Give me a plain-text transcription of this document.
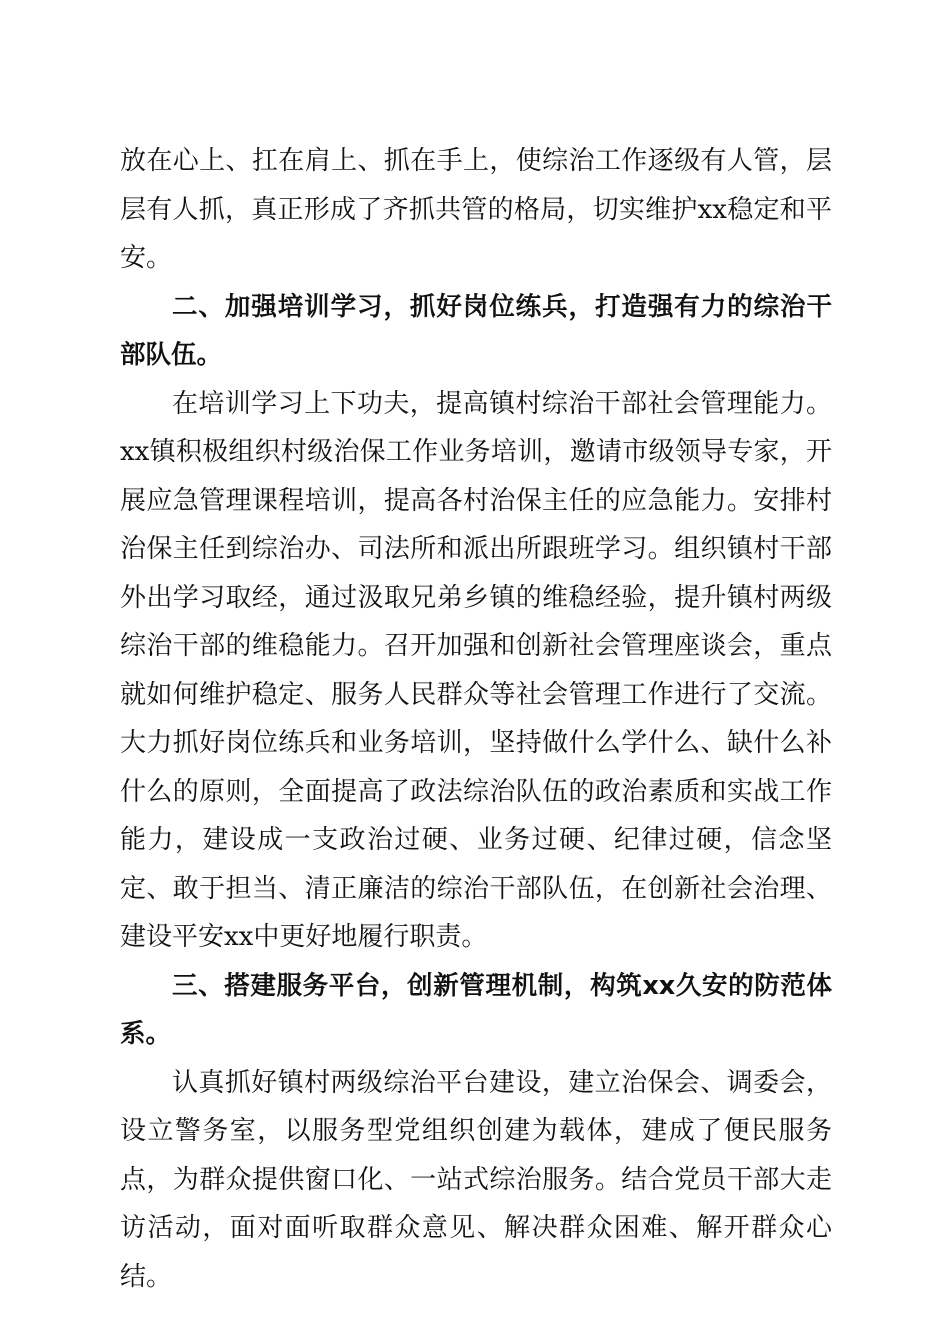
放在心上、扛在肩上、抓在手上，使综治工作逐级有人管，层层有人抓，真正形成了齐抓共管的格局，切实维护xx稳定和平安。

二、加强培训学习，抓好岗位练兵，打造强有力的综治干部队伍。

在培训学习上下功夫，提高镇村综治干部社会管理能力。xx镇积极组织村级治保工作业务培训，邀请市级领导专家，开展应急管理课程培训，提高各村治保主任的应急能力。安排村治保主任到综治办、司法所和派出所跟班学习。组织镇村干部外出学习取经，通过汲取兄弟乡镇的维稳经验，提升镇村两级综治干部的维稳能力。召开加强和创新社会管理座谈会，重点就如何维护稳定、服务人民群众等社会管理工作进行了交流。大力抓好岗位练兵和业务培训，坚持做什么学什么、缺什么补什么的原则，全面提高了政法综治队伍的政治素质和实战工作能力，建设成一支政治过硬、业务过硬、纪律过硬，信念坚定、敢于担当、清正廉洁的综治干部队伍，在创新社会治理、建设平安xx中更好地履行职责。

三、搭建服务平台，创新管理机制，构筑xx久安的防范体系。

认真抓好镇村两级综治平台建设，建立治保会、调委会，设立警务室，以服务型党组织创建为载体，建成了便民服务点，为群众提供窗口化、一站式综治服务。结合党员干部大走访活动，面对面听取群众意见、解决群众困难、解开群众心结。
